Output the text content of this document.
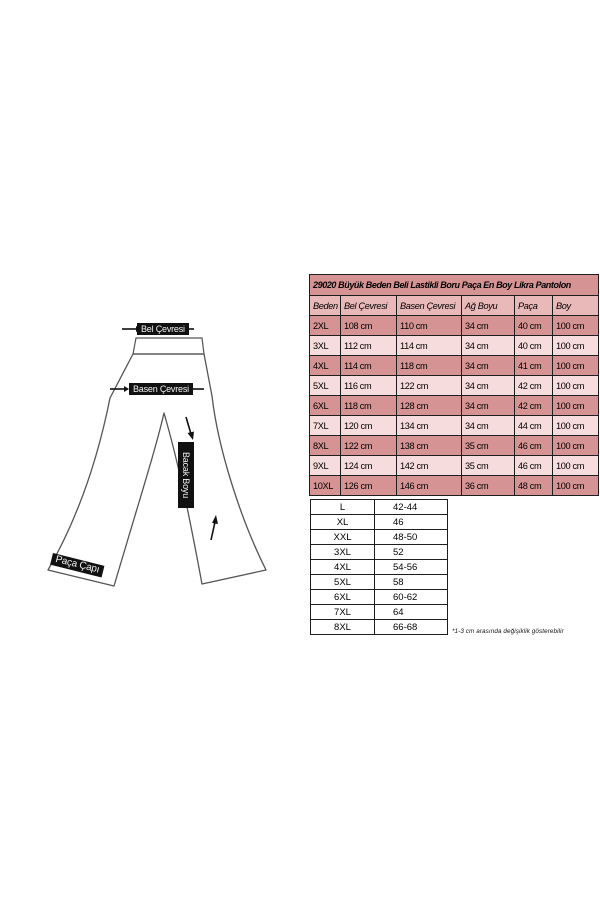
Bel Çevresi
Basen Çevresi
Bacak Boyu
Paça Çapı
29020 Büyük Beden Beli Lastikli Boru Paça En Boy Likra Pantolon					
Beden	Bel Çevresi	Basen Çevresi	Ağ Boyu	Paça	Boy
2XL	108 cm	110 cm	34 cm	40 cm	100 cm
3XL	112 cm	114 cm	34 cm	40 cm	100 cm
4XL	114 cm	118 cm	34 cm	41 cm	100 cm
5XL	116 cm	122 cm	34 cm	42 cm	100 cm
6XL	118 cm	128 cm	34 cm	42 cm	100 cm
7XL	120 cm	134 cm	34 cm	44 cm	100 cm
8XL	122 cm	138 cm	35 cm	46 cm	100 cm
9XL	124 cm	142 cm	35 cm	46 cm	100 cm
10XL	126 cm	146 cm	36 cm	48 cm	100 cm
L	42-44
XL	46
XXL	48-50
3XL	52
4XL	54-56
5XL	58
6XL	60-62
7XL	64
8XL	66-68	*1-3 cm arasında değişiklik gösterebilir
